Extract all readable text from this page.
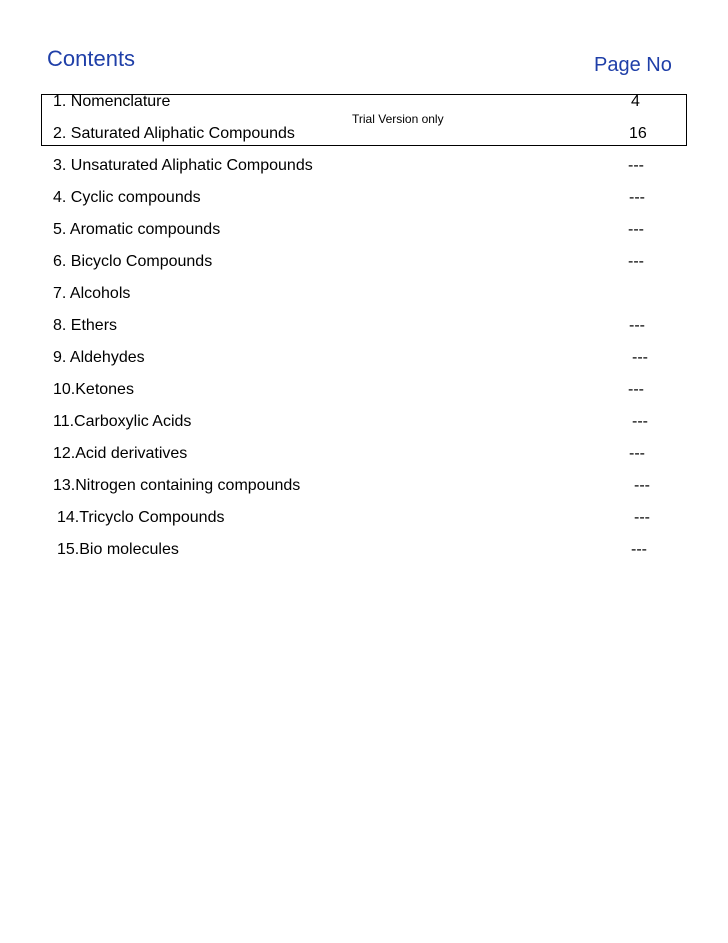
Contents	Page No
Trial Version only
1. Nomenclature	4
2. Saturated Aliphatic Compounds	16
3. Unsaturated Aliphatic Compounds	---
4. Cyclic compounds	---
5. Aromatic compounds	---
6. Bicyclo Compounds	---
7. Alcohols
8. Ethers	---
9. Aldehydes	---
10.Ketones	---
11.Carboxylic Acids	---
12.Acid derivatives	---
13.Nitrogen containing compounds	---
14.Tricyclo Compounds	---
15.Bio molecules	---
